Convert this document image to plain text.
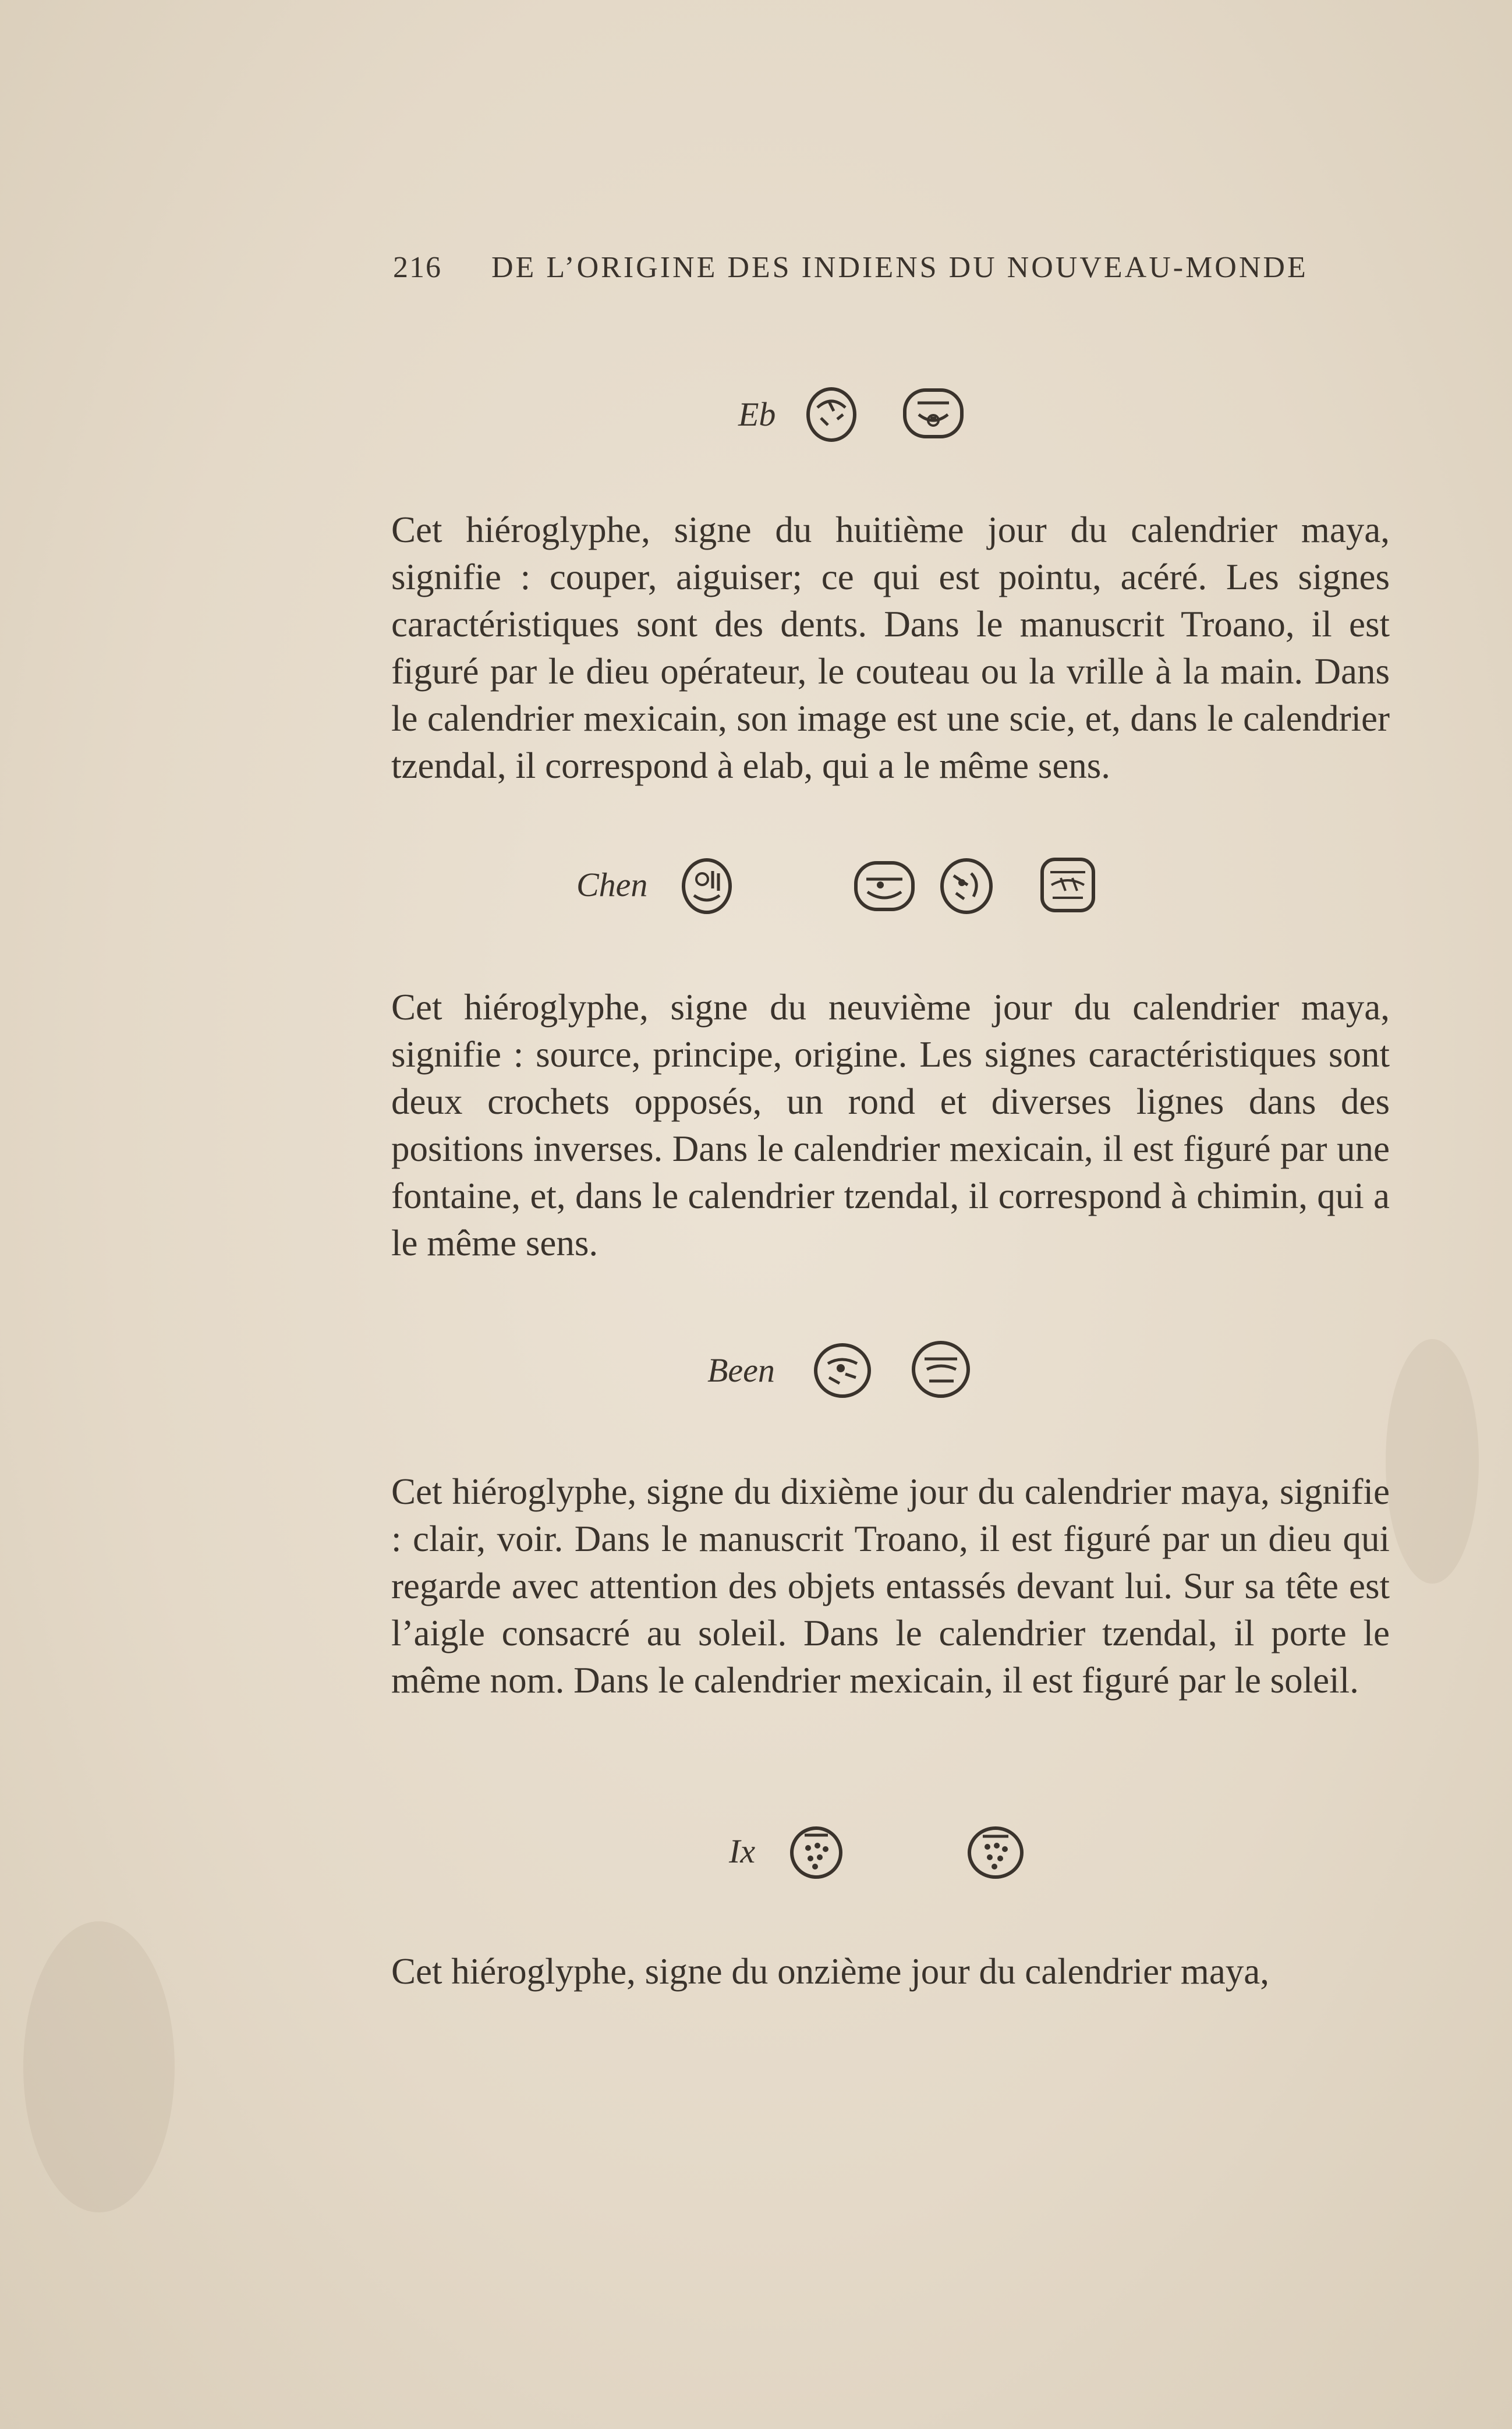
216 DE L’ORIGINE DES INDIENS DU NOUVEAU-MONDE
Eb
Cet hiéroglyphe, signe du huitième jour du calendrier maya, signifie : couper, aiguiser; ce qui est pointu, acéré. Les signes caractéristiques sont des dents. Dans le manuscrit Troano, il est figuré par le dieu opérateur, le couteau ou la vrille à la main. Dans le calendrier mexicain, son image est une scie, et, dans le calendrier tzendal, il correspond à elab, qui a le même sens.
Chen
Cet hiéroglyphe, signe du neuvième jour du calendrier maya, signifie : source, principe, origine. Les signes caractéristiques sont deux crochets opposés, un rond et diverses lignes dans des positions inverses. Dans le calendrier mexicain, il est figuré par une fontaine, et, dans le calendrier tzendal, il correspond à chimin, qui a le même sens.
Been
Cet hiéroglyphe, signe du dixième jour du calendrier maya, signifie : clair, voir. Dans le manuscrit Troano, il est figuré par un dieu qui regarde avec attention des objets entassés devant lui. Sur sa tête est l’aigle consacré au soleil. Dans le calendrier tzendal, il porte le même nom. Dans le calendrier mexicain, il est figuré par le soleil.
Ix
Cet hiéroglyphe, signe du onzième jour du calendrier maya,
